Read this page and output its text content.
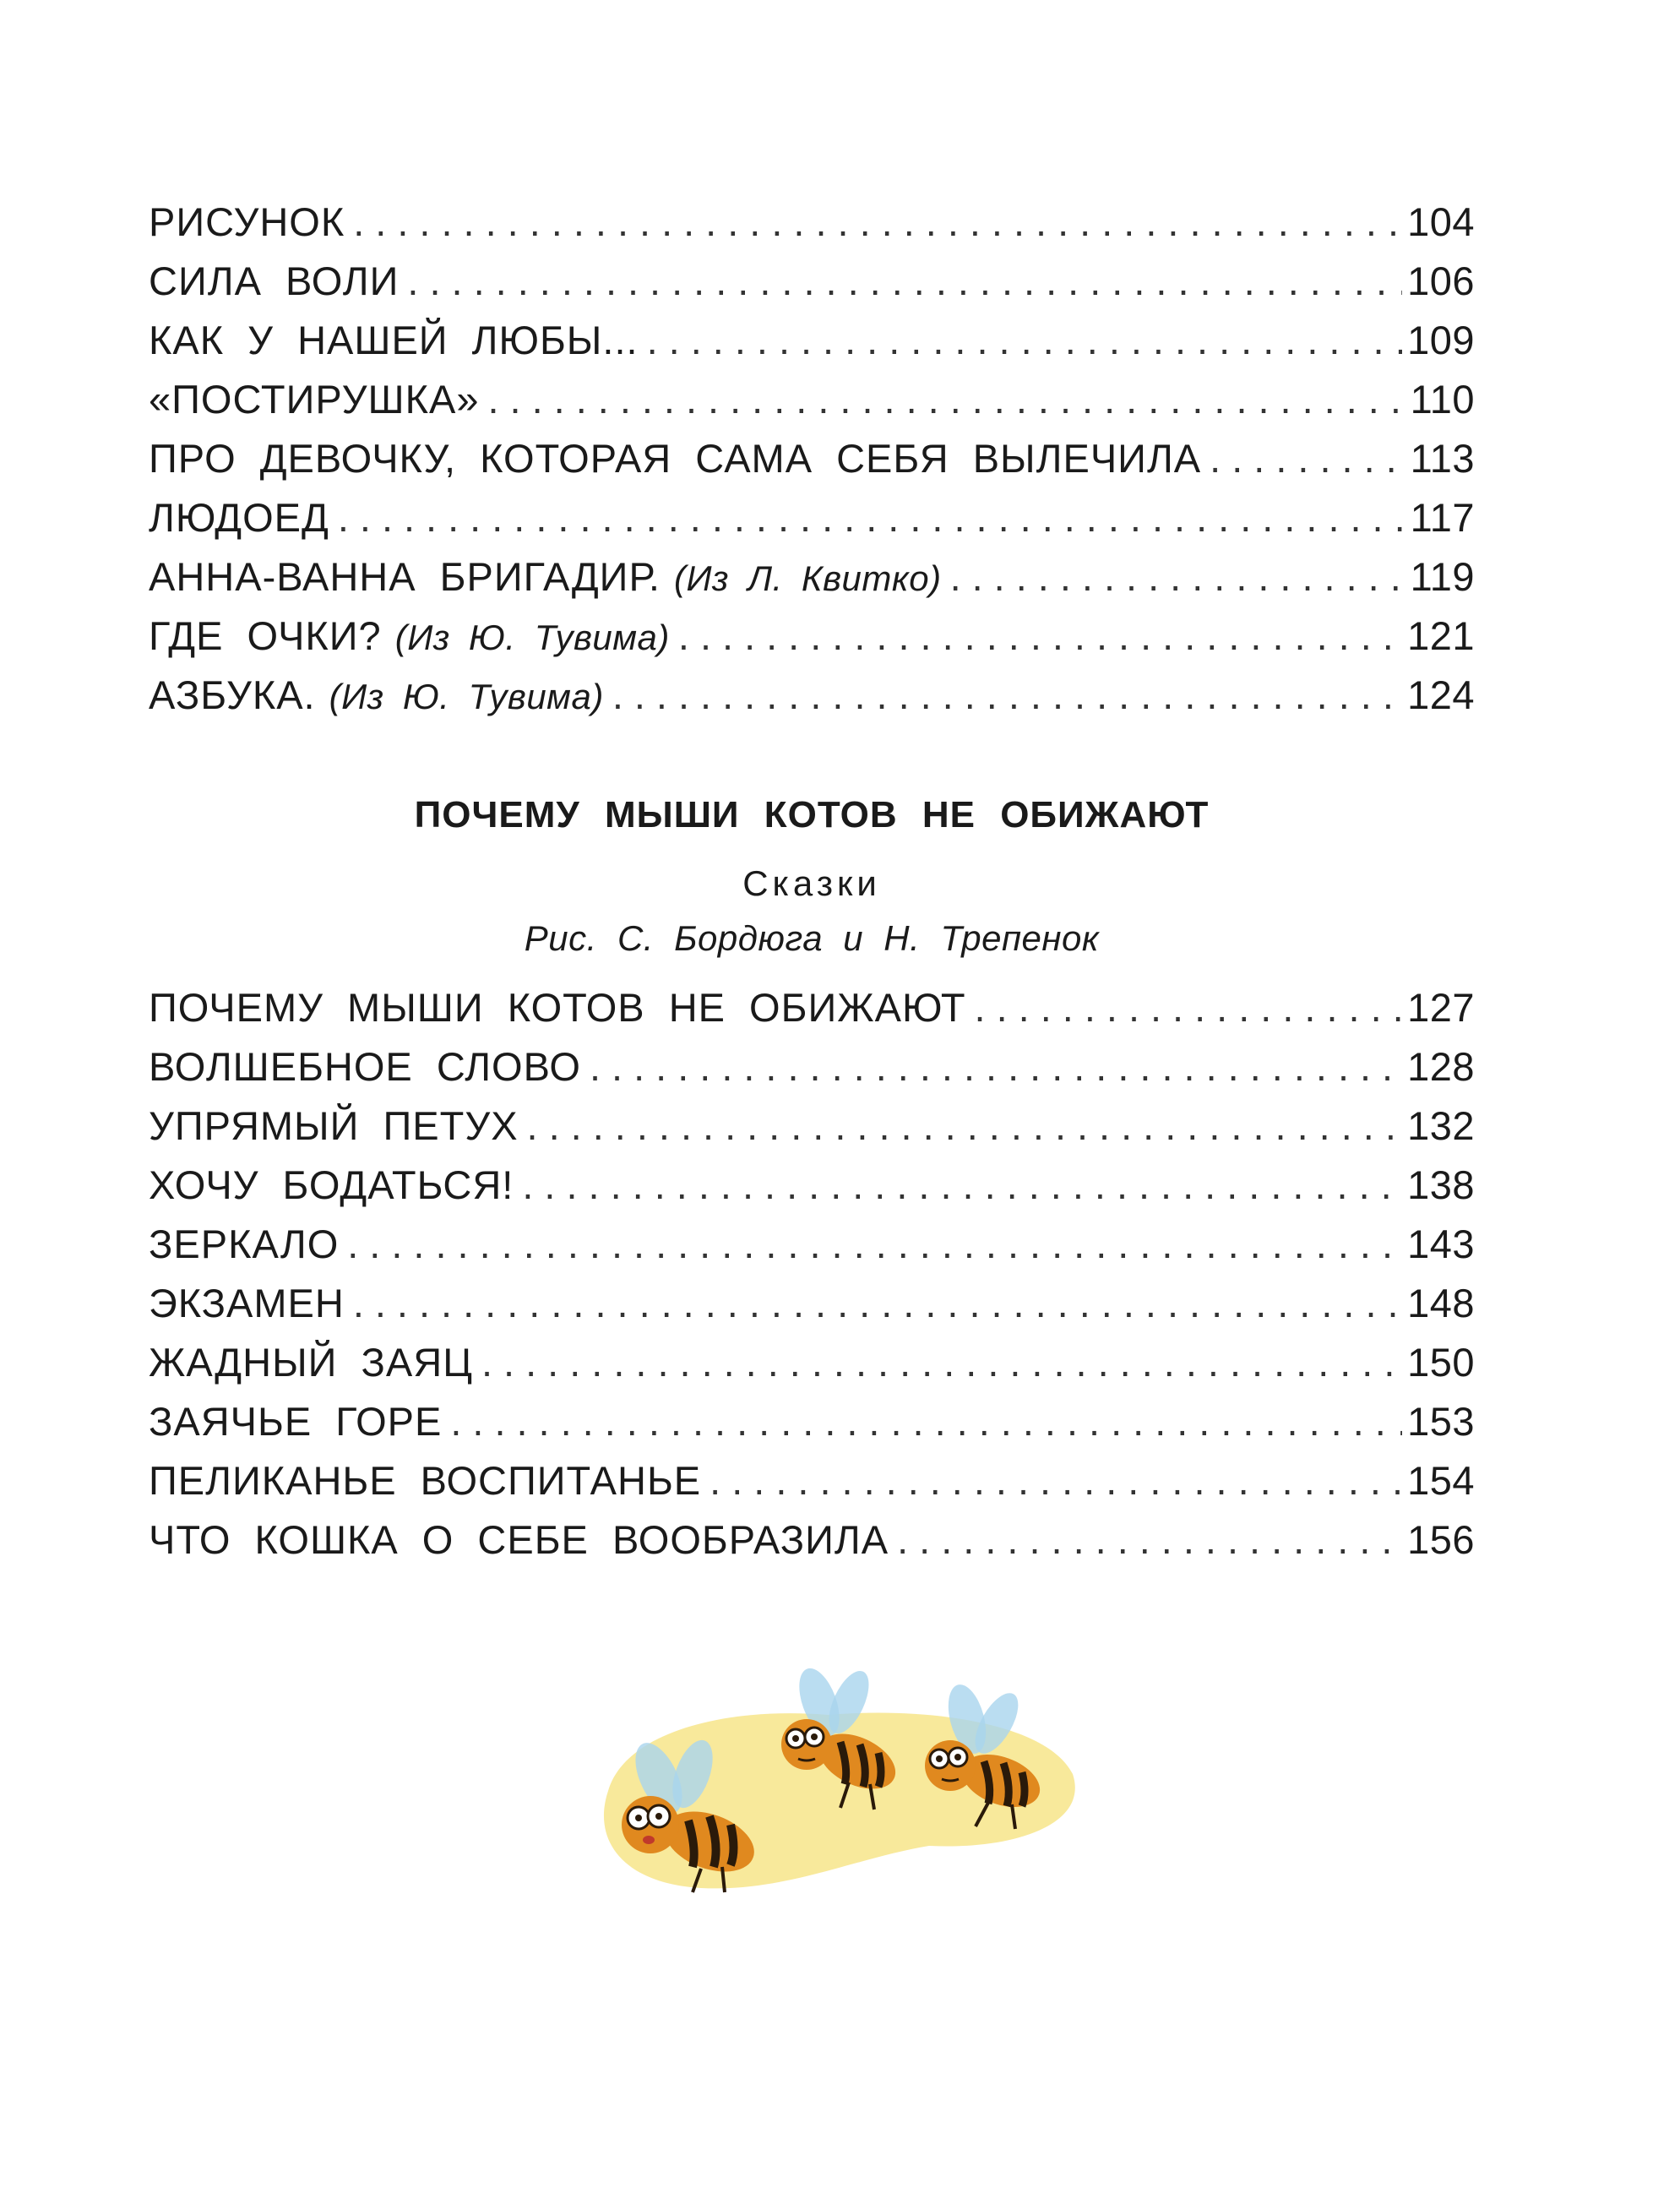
РИСУНОК .....	104
СИЛА ВОЛИ .....	106
КАК У НАШЕЙ ЛЮБЫ... .....	109
«ПОСТИРУШКА» .....	110
ПРО ДЕВОЧКУ, КОТОРАЯ САМА СЕБЯ ВЫЛЕЧИЛА .....	113
ЛЮДОЕД .....	117
АННА-ВАННА БРИГАДИР. (Из Л. Квитко) .....	119
ГДЕ ОЧКИ? (Из Ю. Тувима) .....	121
АЗБУКА. (Из Ю. Тувима) .....	124
ПОЧЕМУ МЫШИ КОТОВ НЕ ОБИЖАЮТ
Сказки
Рис. С. Бордюга и Н. Трепенок
ПОЧЕМУ МЫШИ КОТОВ НЕ ОБИЖАЮТ .....	127
ВОЛШЕБНОЕ СЛОВО .....	128
УПРЯМЫЙ ПЕТУХ .....	132
ХОЧУ БОДАТЬСЯ! .....	138
ЗЕРКАЛО .....	143
ЭКЗАМЕН .....	148
ЖАДНЫЙ ЗАЯЦ .....	150
ЗАЯЧЬЕ ГОРЕ .....	153
ПЕЛИКАНЬЕ ВОСПИТАНЬЕ .....	154
ЧТО КОШКА О СЕБЕ ВООБРАЗИЛА .....	156
